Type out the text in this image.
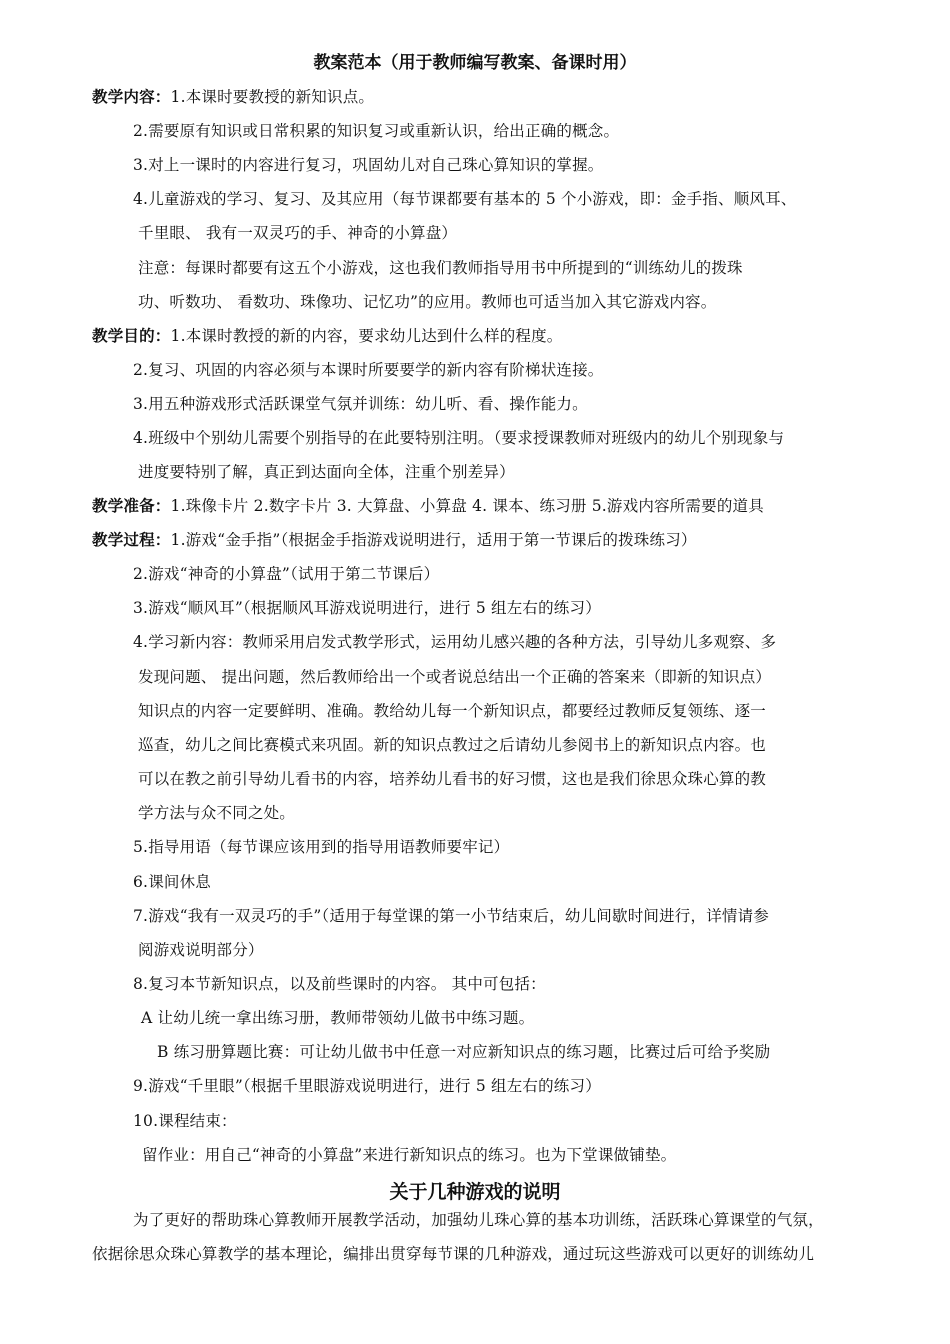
教案范本（用于教师编写教案、备课时用）
教学内容：1.本课时要教授的新知识点。
2.需要原有知识或日常积累的知识复习或重新认识，给出正确的概念。
3.对上一课时的内容进行复习，巩固幼儿对自己珠心算知识的掌握。
4.儿童游戏的学习、复习、及其应用（每节课都要有基本的 5 个小游戏，即：金手指、顺风耳、
千里眼、 我有一双灵巧的手、神奇的小算盘）
注意：每课时都要有这五个小游戏，这也我们教师指导用书中所提到的“训练幼儿的拨珠
功、听数功、 看数功、珠像功、记忆功”的应用。教师也可适当加入其它游戏内容。
教学目的：1.本课时教授的新的内容，要求幼儿达到什么样的程度。
2.复习、巩固的内容必须与本课时所要要学的新内容有阶梯状连接。
3.用五种游戏形式活跃课堂气氛并训练：幼儿听、看、操作能力。
4.班级中个别幼儿需要个别指导的在此要特别注明。（要求授课教师对班级内的幼儿个别现象与
进度要特别了解，真正到达面向全体，注重个别差异）
教学准备：1.珠像卡片 2.数字卡片 3. 大算盘、小算盘 4. 课本、练习册 5.游戏内容所需要的道具
教学过程：1.游戏“金手指”（根据金手指游戏说明进行，适用于第一节课后的拨珠练习）
2.游戏“神奇的小算盘”（试用于第二节课后）
3.游戏“顺风耳”（根据顺风耳游戏说明进行，进行 5 组左右的练习）
4.学习新内容：教师采用启发式教学形式，运用幼儿感兴趣的各种方法，引导幼儿多观察、多
发现问题、 提出问题，然后教师给出一个或者说总结出一个正确的答案来（即新的知识点）
知识点的内容一定要鲜明、准确。教给幼儿每一个新知识点，都要经过教师反复领练、逐一
巡查，幼儿之间比赛模式来巩固。新的知识点教过之后请幼儿参阅书上的新知识点内容。也
可以在教之前引导幼儿看书的内容，培养幼儿看书的好习惯，这也是我们徐思众珠心算的教
学方法与众不同之处。
5.指导用语（每节课应该用到的指导用语教师要牢记）
6.课间休息
7.游戏“我有一双灵巧的手”（适用于每堂课的第一小节结束后，幼儿间歇时间进行，详情请参
阅游戏说明部分）
8.复习本节新知识点，以及前些课时的内容。 其中可包括：
A 让幼儿统一拿出练习册，教师带领幼儿做书中练习题。
B 练习册算题比赛：可让幼儿做书中任意一对应新知识点的练习题，比赛过后可给予奖励
9.游戏“千里眼”（根据千里眼游戏说明进行，进行 5 组左右的练习）
10.课程结束：
留作业：用自己“神奇的小算盘”来进行新知识点的练习。也为下堂课做铺垫。
关于几种游戏的说明
为了更好的帮助珠心算教师开展教学活动，加强幼儿珠心算的基本功训练，活跃珠心算课堂的气氛，
依据徐思众珠心算教学的基本理论，编排出贯穿每节课的几种游戏，通过玩这些游戏可以更好的训练幼儿
